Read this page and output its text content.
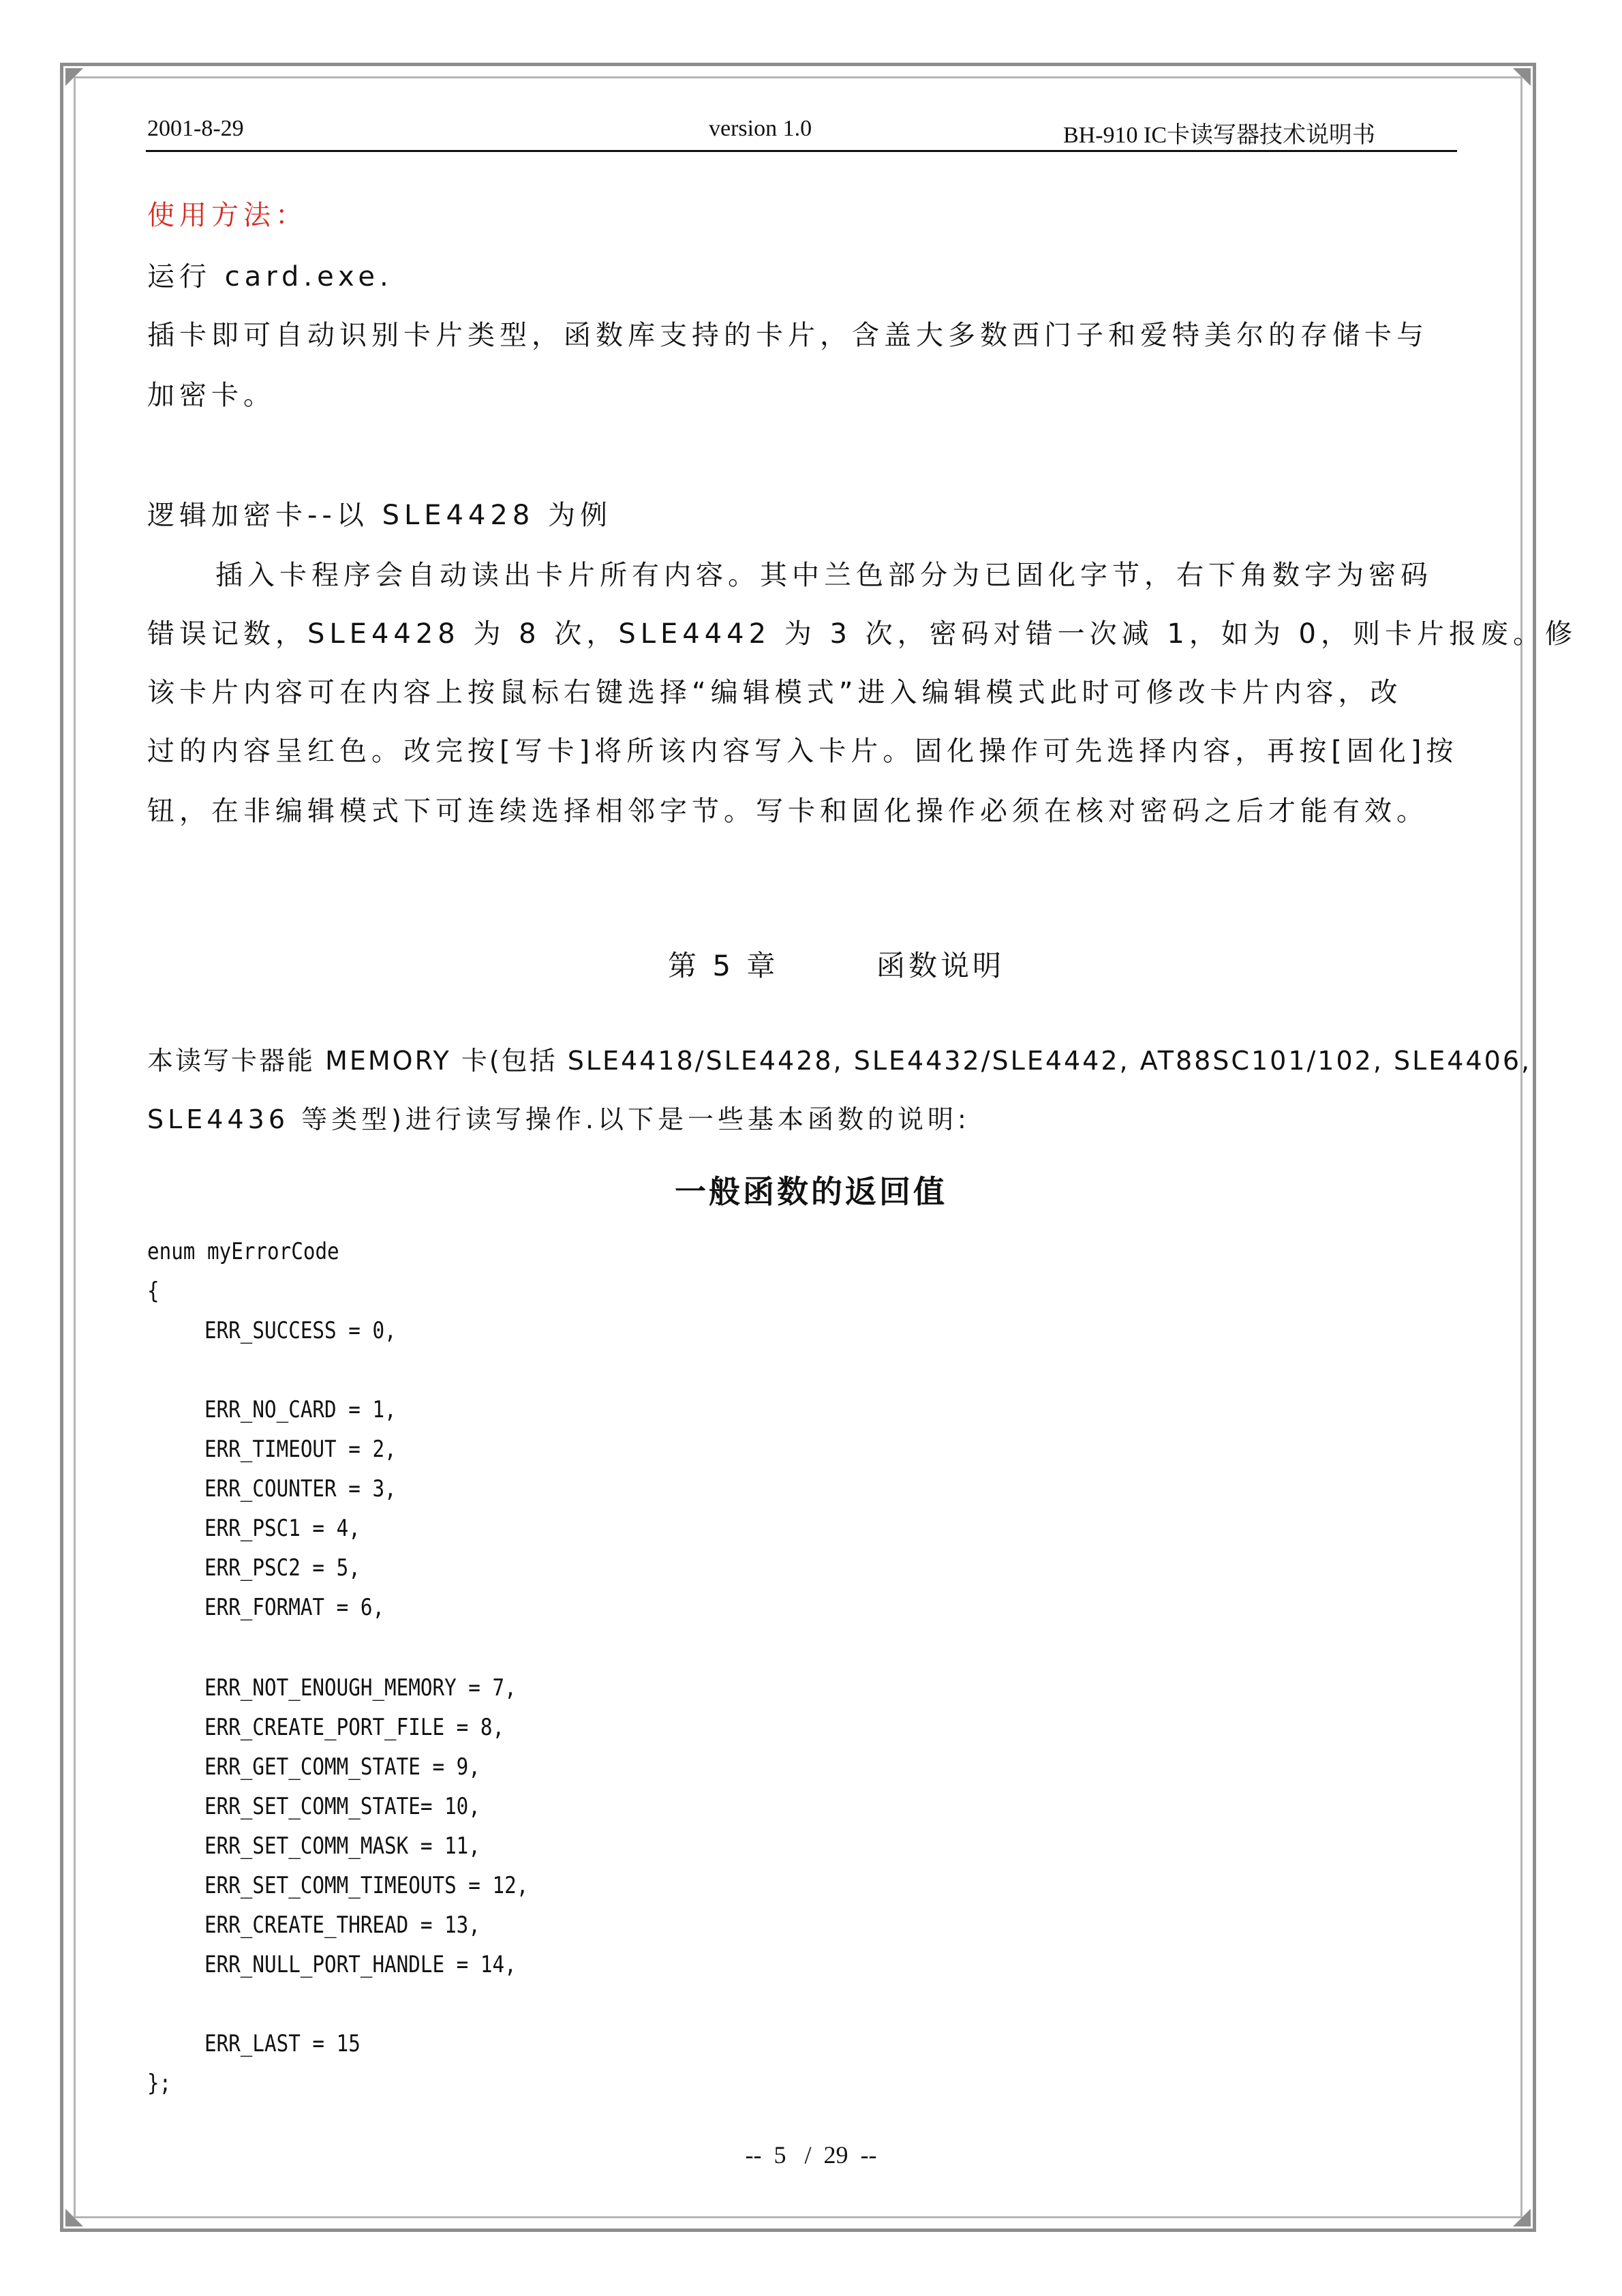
2001-8-29	version 1.0	BH-910 IC卡读写器技术说明书
使用方法：
运行 card.exe.
插卡即可自动识别卡片类型，函数库支持的卡片，含盖大多数西门子和爱特美尔的存储卡与
加密卡。
逻辑加密卡--以 SLE4428 为例
插入卡程序会自动读出卡片所有内容。其中兰色部分为已固化字节，右下角数字为密码
错误记数，SLE4428 为 8 次，SLE4442 为 3 次，密码对错一次减 1，如为 0，则卡片报废。修
该卡片内容可在内容上按鼠标右键选择“编辑模式”进入编辑模式此时可修改卡片内容，改
过的内容呈红色。改完按[写卡]将所该内容写入卡片。固化操作可先选择内容，再按[固化]按
钮，在非编辑模式下可连续选择相邻字节。写卡和固化操作必须在核对密码之后才能有效。
第 5 章	函数说明
本读写卡器能 MEMORY 卡(包括 SLE4418/SLE4428, SLE4432/SLE4442, AT88SC101/102, SLE4406,
SLE4436 等类型)进行读写操作.以下是一些基本函数的说明:
一般函数的返回值
enum myErrorCode
{
ERR_SUCCESS = 0,
ERR_NO_CARD = 1,
ERR_TIMEOUT = 2,
ERR_COUNTER = 3,
ERR_PSC1 = 4,
ERR_PSC2 = 5,
ERR_FORMAT = 6,
ERR_NOT_ENOUGH_MEMORY = 7,
ERR_CREATE_PORT_FILE = 8,
ERR_GET_COMM_STATE = 9,
ERR_SET_COMM_STATE= 10,
ERR_SET_COMM_MASK = 11,
ERR_SET_COMM_TIMEOUTS = 12,
ERR_CREATE_THREAD = 13,
ERR_NULL_PORT_HANDLE = 14,
ERR_LAST = 15
};
--  5   /  29  --
